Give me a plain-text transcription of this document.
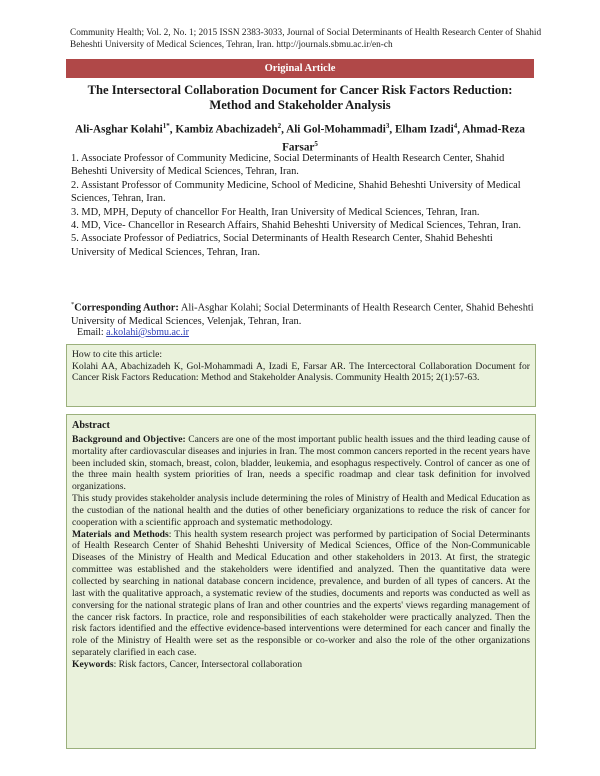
Community Health; Vol. 2, No. 1; 2015 ISSN 2383-3033, Journal of Social Determinants of Health Research Center of Shahid Beheshti University of Medical Sciences, Tehran, Iran. http://journals.sbmu.ac.ir/en-ch
Original Article
The Intersectoral Collaboration Document for Cancer Risk Factors Reduction: Method and Stakeholder Analysis
Ali-Asghar Kolahi$^{1*}$, Kambiz Abachizadeh$^2$, Ali Gol-Mohammadi$^3$, Elham Izadi$^4$, Ahmad-Reza Farsar$^5$

1. Associate Professor of Community Medicine, Social Determinants of Health Research Center, Shahid Beheshti University of Medical Sciences, Tehran, Iran.

2. Assistant Professor of Community Medicine, School of Medicine, Shahid Beheshti University of Medical Sciences, Tehran, Iran.

3. MD, MPH, Deputy of chancellor For Health, Iran University of Medical Sciences, Tehran, Iran.

4. MD, Vice- Chancellor in Research Affairs, Shahid Beheshti University of Medical Sciences, Tehran, Iran.

5. Associate Professor of Pediatrics, Social Determinants of Health Research Center, Shahid Beheshti University of Medical Sciences, Tehran, Iran.

*Corresponding Author: Ali-Asghar Kolahi; Social Determinants of Health Research Center, Shahid Beheshti University of Medical Sciences, Velenjak, Tehran, Iran.
Email: a.kolahi@sbmu.ac.ir

How to cite this article:

Kolahi AA, Abachizadeh K, Gol-Mohammadi A, Izadi E, Farsar AR. The Intercectoral Collaboration Document for Cancer Risk Factors Reducation: Method and Stakeholder Analysis. Community Health 2015; 2(1):57-63.

Abstract

Background and Objective: Cancers are one of the most important public health issues and the third leading cause of mortality after cardiovascular diseases and injuries in Iran. The most common cancers reported in the recent years have been included skin, stomach, breast, colon, bladder, leukemia, and esophagus respectively. Control of cancer as one of the three main health system priorities of Iran, needs a specific roadmap and clear task definition for involved organizations.

This study provides stakeholder analysis include determining the roles of Ministry of Health and Medical Education as the custodian of the national health and the duties of other beneficiary organizations to reduce the risk of cancer for cooperation with a scientific approach and systematic methodology.

Materials and Methods: This health system research project was performed by participation of Social Determinants of Health Research Center of Shahid Beheshti University of Medical Sciences, Office of the Non-Communicable Diseases of the Ministry of Health and Medical Education and other stakeholders in 2013. At first, the strategic committee was established and the stakeholders were identified and analyzed. Then the quantitative data were collected by searching in national database concern incidence, prevalence, and burden of all types of cancers. At the last with the qualitative approach, a systematic review of the studies, documents and reports was conducted as well as conversing for the national strategic plans of Iran and other countries and the experts' views regarding management of the cancer risk factors. In practice, role and responsibilities of each stakeholder were practically analyzed. Then the risk factors identified and the effective evidence-based interventions were determined for each cancer and finally the role of the Ministry of Health were set as the responsible or co-worker and also the role of the other organizations separately clarified in each case.

Keywords: Risk factors, Cancer, Intersectoral collaboration
